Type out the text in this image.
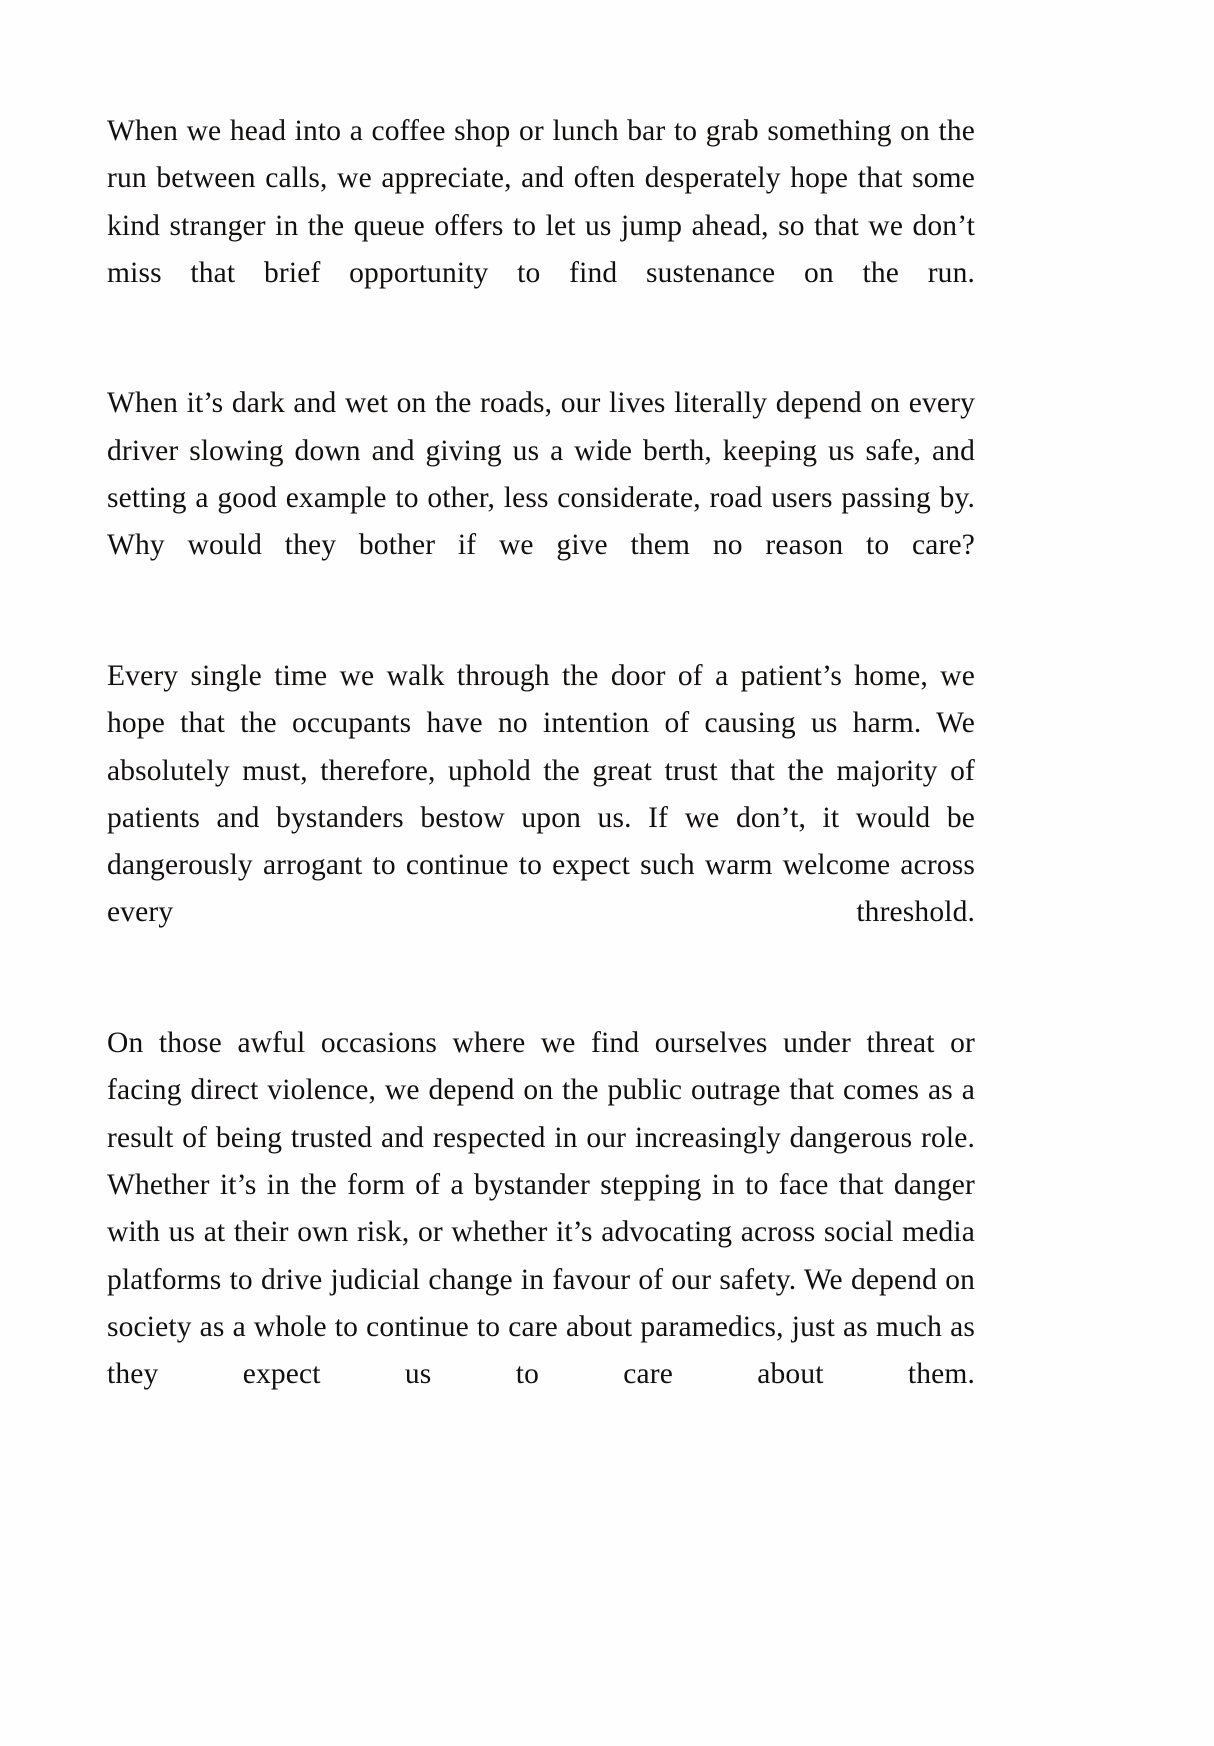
When we head into a coffee shop or lunch bar to grab something on the run between calls, we appreciate, and often desperately hope that some kind stranger in the queue offers to let us jump ahead, so that we don’t miss that brief opportunity to find sustenance on the run.

When it’s dark and wet on the roads, our lives literally depend on every driver slowing down and giving us a wide berth, keeping us safe, and setting a good example to other, less considerate, road users passing by. Why would they bother if we give them no reason to care?

Every single time we walk through the door of a patient’s home, we hope that the occupants have no intention of causing us harm. We absolutely must, therefore, uphold the great trust that the majority of patients and bystanders bestow upon us. If we don’t, it would be dangerously arrogant to continue to expect such warm welcome across every threshold.

On those awful occasions where we find ourselves under threat or facing direct violence, we depend on the public outrage that comes as a result of being trusted and respected in our increasingly dangerous role. Whether it’s in the form of a bystander stepping in to face that danger with us at their own risk, or whether it’s advocating across social media platforms to drive judicial change in favour of our safety. We depend on society as a whole to continue to care about paramedics, just as much as they expect us to care about them.
